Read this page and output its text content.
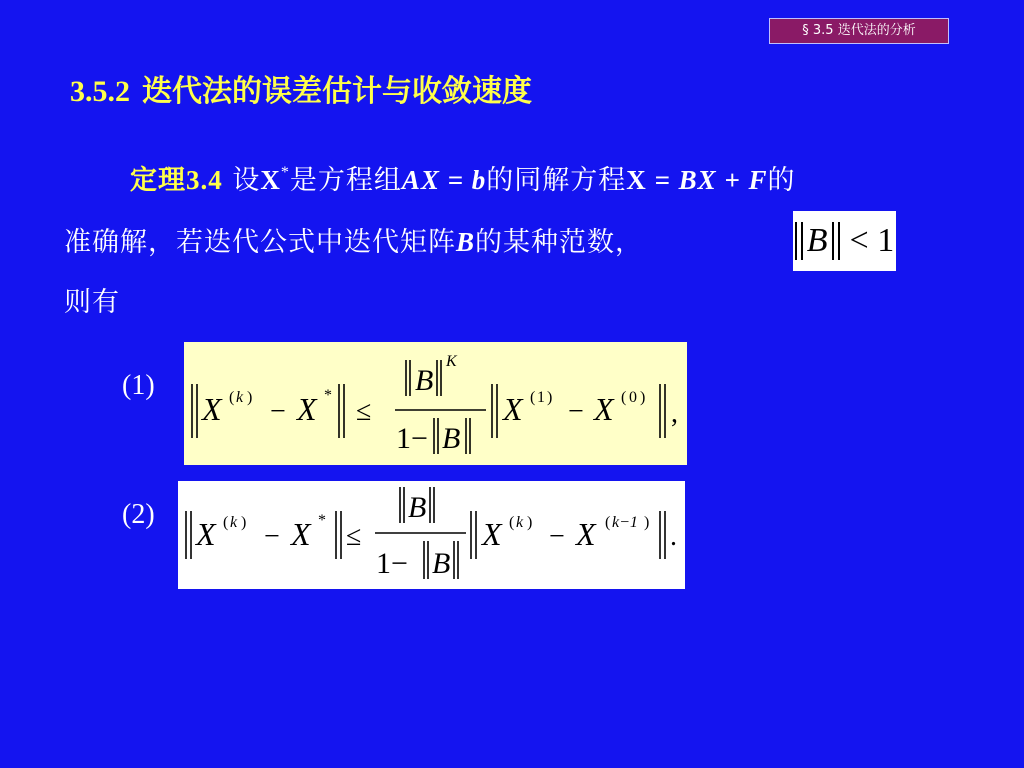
§ 3.5 迭代法的分析
3.5.2 迭代法的误差估计与收敛速度
定理3.4 设X*是方程组AX = b的同解方程X = BX + F的
准确解，若迭代公式中迭代矩阵B的某种范数，
则有
B < 1
(1)
(2)
X ( k ) − X *
≤
B
K
1− B
X ( 1 ) − X ( 0 )
,
X ( k ) − X *
≤
B
1− B
X ( k ) − X ( k−1 ) .
